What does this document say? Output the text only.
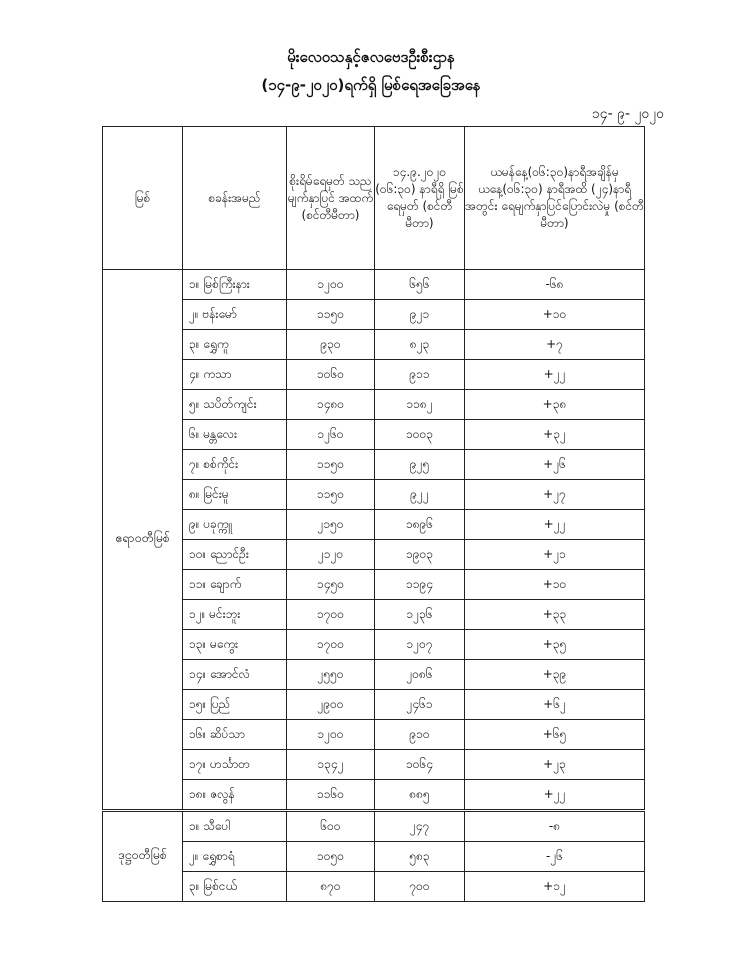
မိုးလေဝသနှင့်ဇလဗေဒဦးစီးဌာန
(၁၄-၉-၂၀၂၀)ရက်ရှိ မြစ်ရေအခြေအနေ
၁၄- ၉- ၂၀၂၀
မြစ်	စခန်းအမည်	စိုးရိမ်ရေမှတ် သည မျက်နှာပြင် အထက် (စင်တီမီတာ)	၁၄.၉.၂၀၂၀ (၀၆:၃၀) နာရီရှိ မြစ်ရေမှတ် (စင်တီမီတာ)	ယမန်နေ့(၀၆:၃၀)နာရီအချိန်မှ ယနေ့(၀၆:၃၀) နာရီအထိ (၂၄)နာရီအတွင်း ရေမျက်နှာပြင်ပြောင်းလဲမှု (စင်တီမီတာ)
ဧရာဝတီမြစ်	၁။ မြစ်ကြီးနား	၁၂၀၀	၆၅၆	-၆၈
	၂။ ဗန်းမော်	၁၁၅၀	၉၂၁	+၁၀
	၃။ ရွှေကူ	၉၃၀	၈၂၃	+၇
	၄။ ကသာ	၁၀၆၀	၉၁၁	+၂၂
	၅။ သပိတ်ကျင်း	၁၄၈၀	၁၁၈၂	+၃၈
	၆။ မန္တလေး	၁၂၆၀	၁၀၀၃	+၃၂
	၇။ စစ်ကိုင်း	၁၁၅၀	၉၂၅	+၂၆
	၈။ မြင်းမူ	၁၁၅၀	၉၂၂	+၂၇
	၉။ ပခုက္ကူ	၂၁၅၀	၁၈၉၆	+၂၂
	၁၀။ ညောင်ဦး	၂၁၂၀	၁၉၀၃	+၂၁
	၁၁။ ချောက်	၁၄၅၀	၁၁၉၄	+၁၀
	၁၂။ မင်းဘူး	၁၇၀၀	၁၂၃၆	+၃၃
	၁၃။ မကွေး	၁၇၀၀	၁၂၀၇	+၃၅
	၁၄။ အောင်လံ	၂၅၅၀	၂၀၈၆	+၃၉
	၁၅။ ပြည်	၂၉၀၀	၂၄၆၁	+၆၂
	၁၆။ ဆိပ်သာ	၁၂၀၀	၉၁၀	+၆၅
	၁၇။ ဟင်္သာတ	၁၃၄၂	၁၀၆၄	+၂၃
	၁၈။ ဇလွန်	၁၁၆၀	၈၈၅	+၂၂
ဒုဋ္ဌဝတီမြစ်	၁။ သီပေါ	၆၀၀	၂၄၇	-၈
	၂။ ရွှေစာရံ	၁၀၅၀	၅၈၃	-၂၆
	၃။ မြစ်ငယ်	၈၇၀	၇၀၀	+၁၂
